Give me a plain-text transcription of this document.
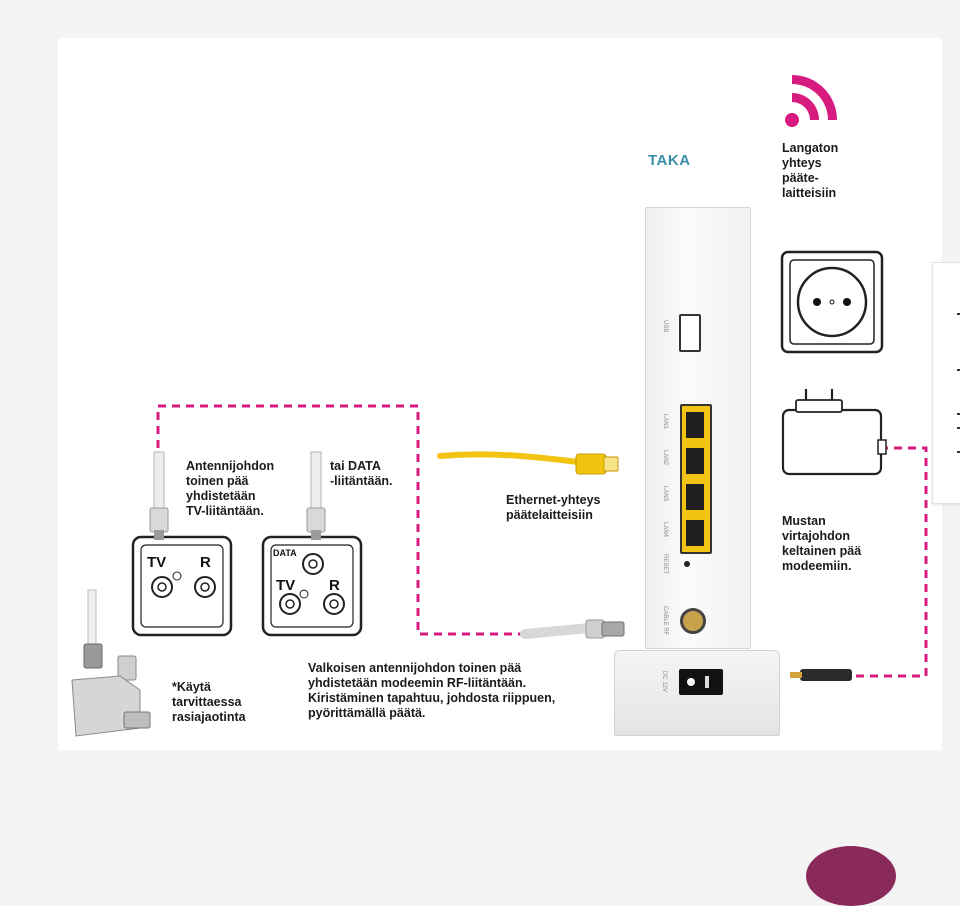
TV R
DATA
TV R
USB
LAN1
LAN2
LAN3
LAN4
RESET
CABLE RF
DC 12V
TAKA
Langaton
yhteys
pääte-
laitteisiin
Antennijohdon
toinen pää
yhdistetään
TV-liitäntään.
tai DATA
-liitäntään.
Ethernet-yhteys
päätelaitteisiin	Mustan
virtajohdon
keltainen pää
modeemiin.
*Käytä
tarvittaessa
rasiajaotinta
Valkoisen antennijohdon toinen pää
yhdistetään modeemin RF-liitäntään.
Kiristäminen tapahtuu, johdosta riippuen,
pyörittämällä päätä.
